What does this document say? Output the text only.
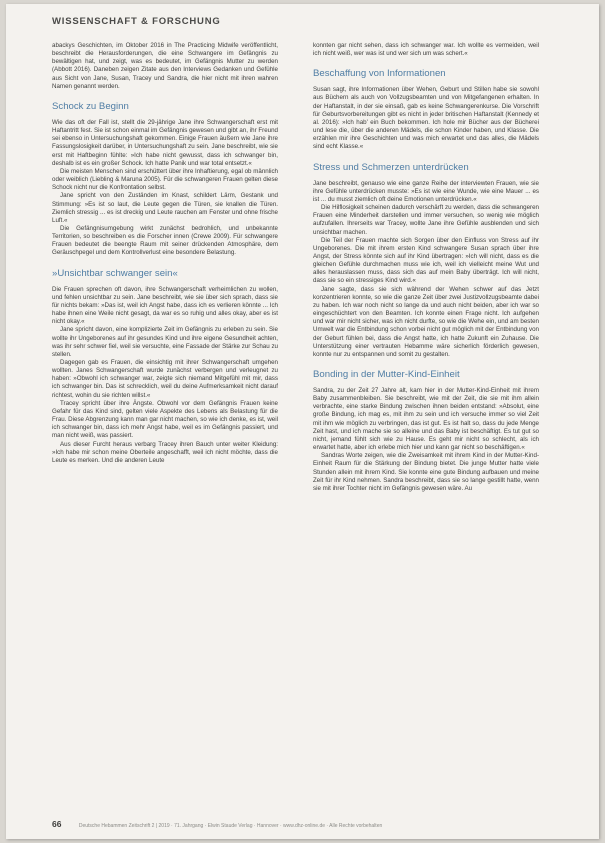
WISSENSCHAFT & FORSCHUNG

abackys Geschichten, im Oktober 2016 in The Practicing Midwife veröffentlicht, beschreibt die Herausforderungen, die eine Schwangere im Gefängnis zu bewältigen hat, und zeigt, was es bedeutet, im Gefängnis Mutter zu werden (Abbott 2016). Daneben zeigen Zitate aus den Interviews Gedanken und Gefühle aus Sicht von Jane, Susan, Tracey und Sandra, die hier nicht mit ihren wahren Namen genannt werden.

Schock zu Beginn

Wie das oft der Fall ist, stellt die 29-jährige Jane ihre Schwangerschaft erst mit Haftantritt fest. Sie ist schon einmal im Gefängnis gewesen und gibt an, ihr Freund sei ebenso in Untersuchungshaft gekommen. Einige Frauen äußern wie Jane ihre Fassungslosigkeit darüber, in Untersuchungshaft zu sein. Jane beschreibt, wie sie erst mit Haftbeginn fühlte: »Ich habe nicht gewusst, dass ich schwanger bin, deshalb ist es ein großer Schock. Ich hatte Panik und war total entsetzt.«

Die meisten Menschen sind erschüttert über ihre Inhaftierung, egal ob männlich oder weiblich (Liebling & Maruna 2005). Für die schwangeren Frauen gelten diese Schock nicht nur die Konfrontation selbst.

Jane spricht von den Zuständen im Knast, schildert Lärm, Gestank und Stimmung: »Es ist so laut, die Leute gegen die Türen, sie knallen die Türen. Ziemlich stressig ... es ist dreckig und Leute rauchen am Fenster und ohne frische Luft.«

Die Gefängnisumgebung wirkt zunächst bedrohlich, und unbekannte Territorien, so beschreiben es die Forscher innen (Crewe 2009). Für schwangere Frauen bedeutet die beengte Raum mit seiner drückenden Atmosphäre, dem Geräuschpegel und dem Kontrollverlust eine besondere Belastung.

»Unsichtbar schwanger sein«

Die Frauen sprechen oft davon, ihre Schwangerschaft verheimlichen zu wollen, und fehlen unsichtbar zu sein. Jane beschreibt, wie sie über sich sprach, dass sie für nichts bekam: »Das ist, weil ich Angst habe, dass ich es verlieren könnte ... Ich habe ihnen eine Weile nicht gesagt, da war es so ruhig und alles okay, aber es ist nicht okay.«

Jane spricht davon, eine komplizierte Zeit im Gefängnis zu erleben zu sein. Sie wollte ihr Ungeborenes auf ihr gesundes Kind und ihre eigene Gesundheit achten, was ihr sehr schwer fiel, weil sie versuchte, eine Fassade der Stärke zur Schau zu stellen.

Dagegen gab es Frauen, die einsichtig mit ihrer Schwangerschaft umgehen wollten. Janes Schwangerschaft wurde zunächst verbergen und verleugnet zu haben: »Obwohl ich schwanger war, zeigte sich niemand Mitgefühl mit mir, dass ich schwanger bin. Das ist schrecklich, weil du deine Aufmerksamkeit nicht darauf richtest, wohin du sie richten willst.«

Tracey spricht über ihre Ängste. Obwohl vor dem Gefängnis Frauen keine Gefahr für das Kind sind, gelten viele Aspekte des Lebens als Belastung für die Frau. Diese Abgrenzung kann man gar nicht machen, so wie ich denke, es ist, weil ich schwanger bin, dass ich mehr Angst habe, weil es im Gefängnis passiert, und man nicht weiß, was passiert.

Aus dieser Furcht heraus verbarg Tracey ihren Bauch unter weiter Kleidung: »Ich habe mir schon meine Oberteile angeschafft, weil ich nicht möchte, dass die Leute es merken. Und die anderen Leute

konnten gar nicht sehen, dass ich schwanger war. Ich wollte es vermeiden, weil ich nicht weiß, wer was ist und wer sich um was schert.«

Beschaffung von Informationen

Susan sagt, ihre Informationen über Wehen, Geburt und Stillen habe sie sowohl aus Büchern als auch von Vollzugsbeamten und von Mitgefangenen erhalten. In der Haftanstalt, in der sie einsaß, gab es keine Schwangerenkurse. Die Vorschrift für Geburtsvorbereitungen gibt es nicht in jeder britischen Haftanstalt (Kennedy et al. 2016): »Ich hab' ein Buch bekommen. Ich hole mir Bücher aus der Bücherei und lese die, über die anderen Mädels, die schon Kinder haben, und Klasse. Die erzählen mir ihre Geschichten und was mich erwartet und das alles, die Mädels sind echt Klasse.«

Stress und Schmerzen unterdrücken

Jane beschreibt, genauso wie eine ganze Reihe der interviewten Frauen, wie sie ihre Gefühle unterdrücken musste: »Es ist wie eine Wunde, wie eine Mauer ... es ist ... du musst ziemlich oft deine Emotionen unterdrücken.«

Die Hilflosigkeit scheinen dadurch verschärft zu werden, dass die schwangeren Frauen eine Minderheit darstellen und immer versuchen, so wenig wie möglich aufzufallen. Ihrerseits war Tracey, wollte Jane ihre Gefühle ausblenden und sich unsichtbar machen.

Die Teil der Frauen machte sich Sorgen über den Einfluss von Stress auf ihr Ungeborenes. Die mit ihrem ersten Kind schwangere Susan sprach über ihre Angst, der Stress könnte sich auf ihr Kind übertragen: »Ich will nicht, dass es die gleichen Gefühle durchmachen muss wie ich, weil ich vielleicht meine Wut und alles herauslassen muss, dass sich das auf mein Baby überträgt. Ich will nicht, dass sie so ein stressiges Kind wird.«

Jane sagte, dass sie sich während der Wehen schwer auf das Jetzt konzentrieren konnte, so wie die ganze Zeit über zwei Justizvollzugsbeamte dabei zu haben. Ich war noch nicht so lange da und auch nicht beiden, aber ich war so eingeschüchtert von den Beamten. Ich konnte einen Frage nicht. Ich aufgehen und war mir nicht sicher, was ich nicht durfte, so wie die Wehe ein, und am besten Umwelt war die Entbindung schon vorbei nicht gut möglich mit der Entbindung von der Geburt fühlen bei, dass die Angst hatte, ich hatte Zukunft ein Zuhause. Die Unterstützung einer vertrauten Hebamme wäre sicherlich förderlich gewesen, konnte nur zu entspannen und somit zu gestalten.

Bonding in der Mutter-Kind-Einheit

Sandra, zu der Zeit 27 Jahre alt, kam hier in der Mutter-Kind-Einheit mit ihrem Baby zusammenbleiben. Sie beschreibt, wie mit der Zeit, die sie mit ihm allein verbrachte, eine starke Bindung zwischen ihnen beiden entstand: »Absolut, eine große Bindung, ich mag es, mit ihm zu sein und ich versuche immer so viel Zeit mit ihm wie möglich zu verbringen, das ist gut. Es ist halt so, dass du jede Menge Zeit hast, und ich mache sie so alleine und das Baby ist beschäftigt. Es tut gut so nicht, jemand fühlt sich wie zu Hause. Es geht mir nicht so schlecht, als ich erwartet hatte, aber ich erlebe mich hier und kann gar nicht so beschäftigen.«

Sandras Worte zeigen, wie die Zweisamkeit mit ihrem Kind in der Mutter-Kind-Einheit Raum für die Stärkung der Bindung bietet. Die junge Mutter hatte viele Stunden allein mit ihrem Kind. Sie konnte eine gute Bindung aufbauen und meine Zeit für ihr Kind nehmen. Sandra beschreibt, dass sie so lange gestillt hatte, wenn sie mit ihrer Tochter nicht im Gefängnis gewesen wäre. Au

66	Deutsche Hebammen Zeitschrift 2 | 2019 · 71. Jahrgang · Elwin Staude Verlag · Hannover · www.dhz-online.de · Alle Rechte vorbehalten
